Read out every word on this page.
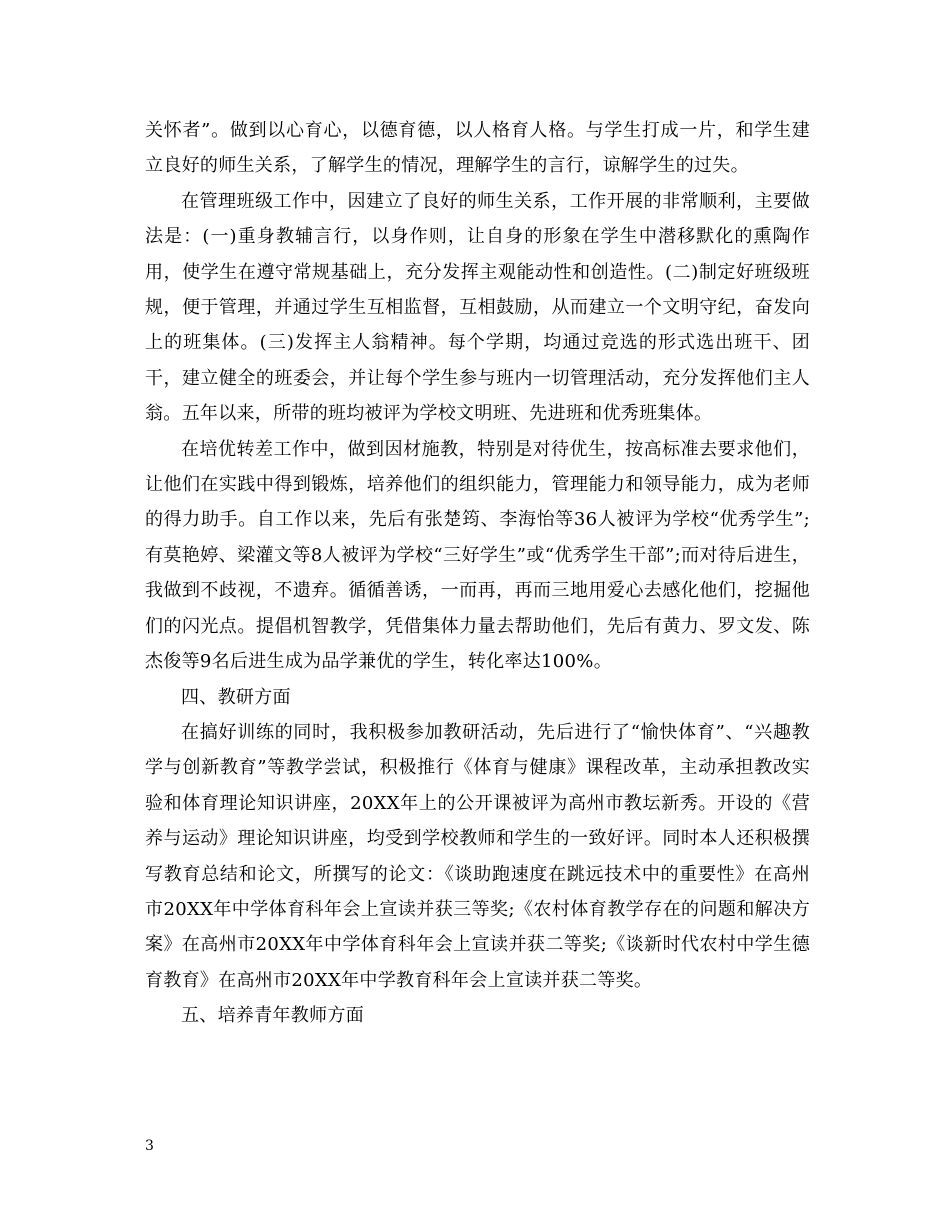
关怀者”。做到以心育心，以德育德，以人格育人格。与学生打成一片，和学生建立良好的师生关系，了解学生的情况，理解学生的言行，谅解学生的过失。

在管理班级工作中，因建立了良好的师生关系，工作开展的非常顺利，主要做法是：(一)重身教辅言行，以身作则，让自身的形象在学生中潜移默化的熏陶作用，使学生在遵守常规基础上，充分发挥主观能动性和创造性。(二)制定好班级班规，便于管理，并通过学生互相监督，互相鼓励，从而建立一个文明守纪，奋发向上的班集体。(三)发挥主人翁精神。每个学期，均通过竞选的形式选出班干、团干，建立健全的班委会，并让每个学生参与班内一切管理活动，充分发挥他们主人翁。五年以来，所带的班均被评为学校文明班、先进班和优秀班集体。

在培优转差工作中，做到因材施教，特别是对待优生，按高标准去要求他们，让他们在实践中得到锻炼，培养他们的组织能力，管理能力和领导能力，成为老师的得力助手。自工作以来，先后有张楚筠、李海怡等36人被评为学校“优秀学生”;有莫艳婷、梁灌文等8人被评为学校“三好学生”或“优秀学生干部”;而对待后进生，我做到不歧视，不遗弃。循循善诱，一而再，再而三地用爱心去感化他们，挖掘他们的闪光点。提倡机智教学，凭借集体力量去帮助他们，先后有黄力、罗文发、陈杰俊等9名后进生成为品学兼优的学生，转化率达100%。

四、教研方面

在搞好训练的同时，我积极参加教研活动，先后进行了“愉快体育”、“兴趣教学与创新教育”等教学尝试，积极推行《体育与健康》课程改革，主动承担教改实验和体育理论知识讲座，20XX年上的公开课被评为高州市教坛新秀。开设的《营养与运动》理论知识讲座，均受到学校教师和学生的一致好评。同时本人还积极撰写教育总结和论文，所撰写的论文：《谈助跑速度在跳远技术中的重要性》在高州市20XX年中学体育科年会上宣读并获三等奖;《农村体育教学存在的问题和解决方案》在高州市20XX年中学体育科年会上宣读并获二等奖;《谈新时代农村中学生德育教育》在高州市20XX年中学教育科年会上宣读并获二等奖。

五、培养青年教师方面

3
